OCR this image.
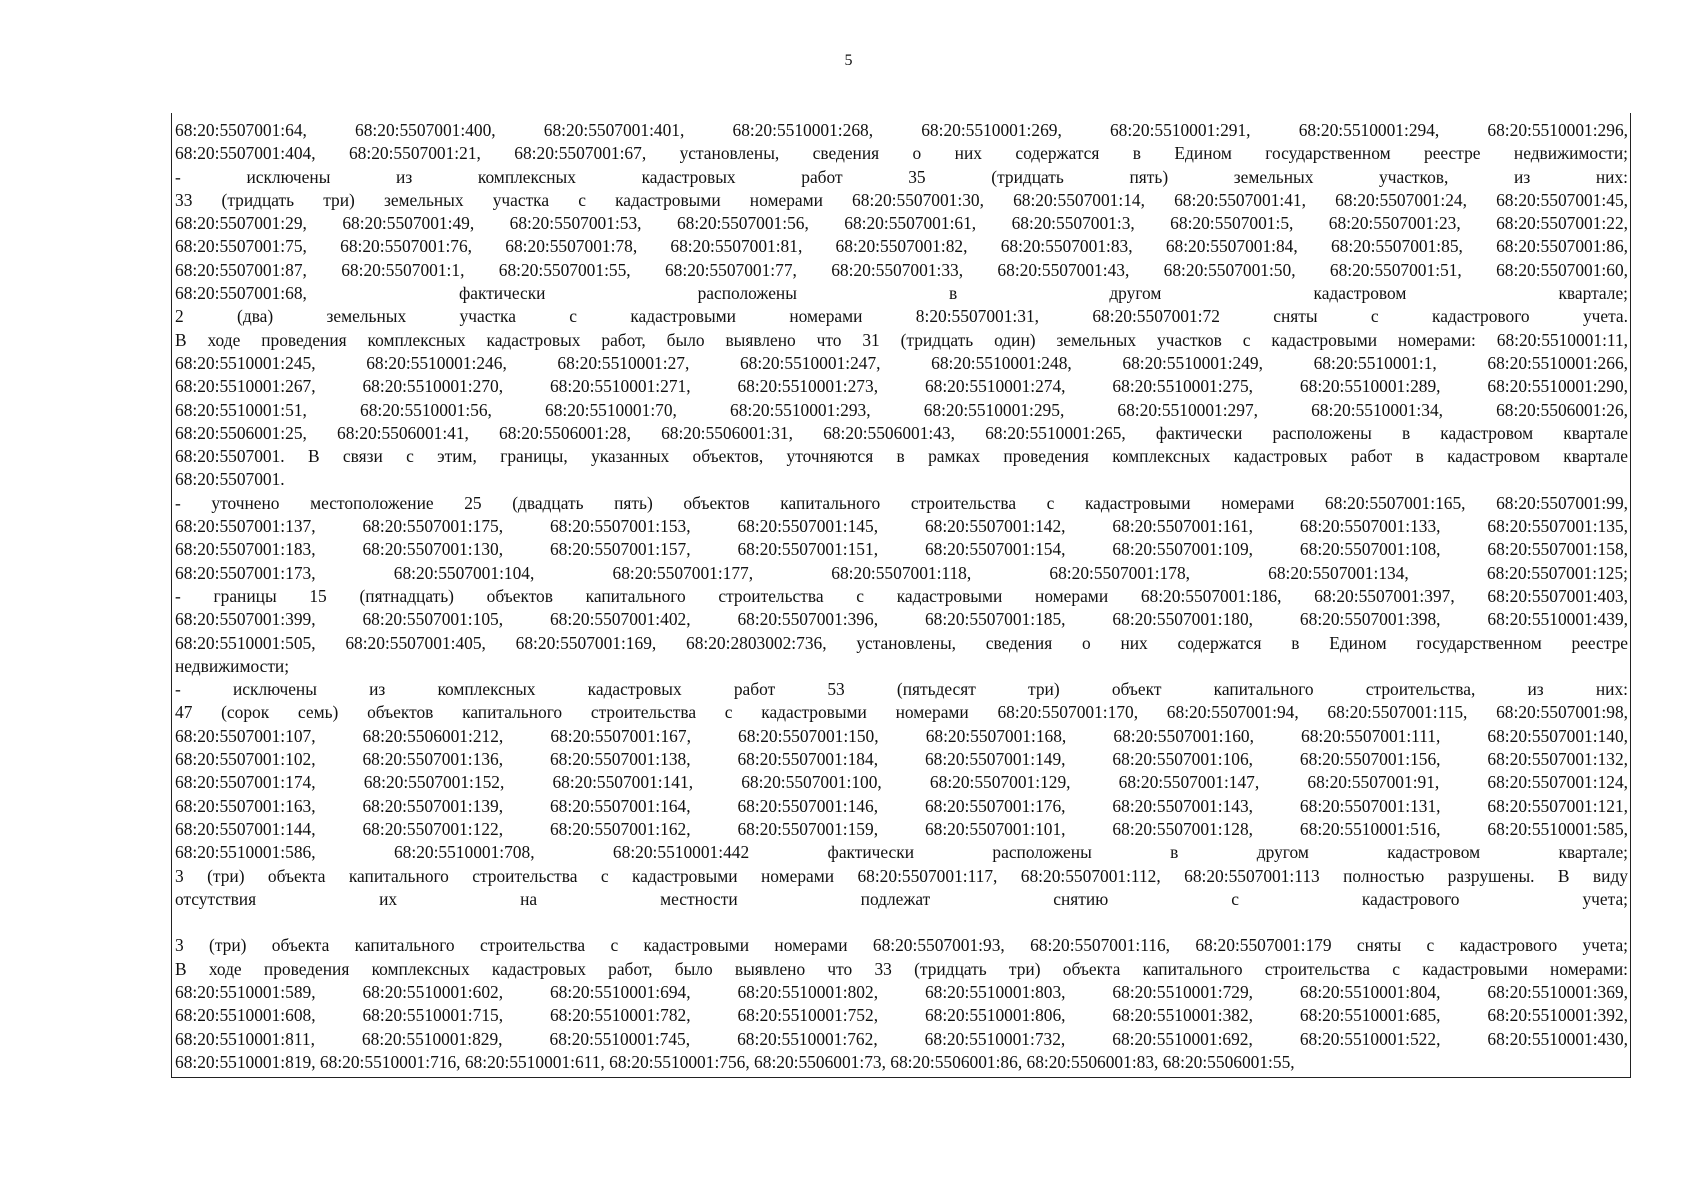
5
68:20:5507001:64, 68:20:5507001:400, 68:20:5507001:401, 68:20:5510001:268, 68:20:5510001:269, 68:20:5510001:291, 68:20:5510001:294, 68:20:5510001:296,
68:20:5507001:404, 68:20:5507001:21, 68:20:5507001:67, установлены, сведения о них содержатся в Едином государственном реестре недвижимости;
- исключены из комплексных кадастровых работ 35 (тридцать пять) земельных участков, из них:
33 (тридцать три) земельных участка с кадастровыми номерами 68:20:5507001:30, 68:20:5507001:14, 68:20:5507001:41, 68:20:5507001:24, 68:20:5507001:45,
68:20:5507001:29, 68:20:5507001:49, 68:20:5507001:53, 68:20:5507001:56, 68:20:5507001:61, 68:20:5507001:3, 68:20:5507001:5, 68:20:5507001:23, 68:20:5507001:22,
68:20:5507001:75, 68:20:5507001:76, 68:20:5507001:78, 68:20:5507001:81, 68:20:5507001:82, 68:20:5507001:83, 68:20:5507001:84, 68:20:5507001:85, 68:20:5507001:86,
68:20:5507001:87, 68:20:5507001:1, 68:20:5507001:55, 68:20:5507001:77, 68:20:5507001:33, 68:20:5507001:43, 68:20:5507001:50, 68:20:5507001:51, 68:20:5507001:60,
68:20:5507001:68, фактически расположены в другом кадастровом квартале;
2 (два) земельных участка с кадастровыми номерами 8:20:5507001:31, 68:20:5507001:72 сняты с кадастрового учета.
В ходе проведения комплексных кадастровых работ, было выявлено что 31 (тридцать один) земельных участков с кадастровыми номерами: 68:20:5510001:11,
68:20:5510001:245, 68:20:5510001:246, 68:20:5510001:27, 68:20:5510001:247, 68:20:5510001:248, 68:20:5510001:249, 68:20:5510001:1, 68:20:5510001:266,
68:20:5510001:267, 68:20:5510001:270, 68:20:5510001:271, 68:20:5510001:273, 68:20:5510001:274, 68:20:5510001:275, 68:20:5510001:289, 68:20:5510001:290,
68:20:5510001:51, 68:20:5510001:56, 68:20:5510001:70, 68:20:5510001:293, 68:20:5510001:295, 68:20:5510001:297, 68:20:5510001:34, 68:20:5506001:26,
68:20:5506001:25, 68:20:5506001:41, 68:20:5506001:28, 68:20:5506001:31, 68:20:5506001:43, 68:20:5510001:265, фактически расположены в кадастровом квартале
68:20:5507001. В связи с этим, границы, указанных объектов, уточняются в рамках проведения комплексных кадастровых работ в кадастровом квартале
68:20:5507001.
- уточнено местоположение 25 (двадцать пять) объектов капитального строительства с кадастровыми номерами 68:20:5507001:165, 68:20:5507001:99,
68:20:5507001:137, 68:20:5507001:175, 68:20:5507001:153, 68:20:5507001:145, 68:20:5507001:142, 68:20:5507001:161, 68:20:5507001:133, 68:20:5507001:135,
68:20:5507001:183, 68:20:5507001:130, 68:20:5507001:157, 68:20:5507001:151, 68:20:5507001:154, 68:20:5507001:109, 68:20:5507001:108, 68:20:5507001:158,
68:20:5507001:173, 68:20:5507001:104, 68:20:5507001:177, 68:20:5507001:118, 68:20:5507001:178, 68:20:5507001:134, 68:20:5507001:125;
- границы 15 (пятнадцать) объектов капитального строительства с кадастровыми номерами 68:20:5507001:186, 68:20:5507001:397, 68:20:5507001:403,
68:20:5507001:399, 68:20:5507001:105, 68:20:5507001:402, 68:20:5507001:396, 68:20:5507001:185, 68:20:5507001:180, 68:20:5507001:398, 68:20:5510001:439,
68:20:5510001:505, 68:20:5507001:405, 68:20:5507001:169, 68:20:2803002:736, установлены, сведения о них содержатся в Едином государственном реестре
недвижимости;
- исключены из комплексных кадастровых работ 53 (пятьдесят три) объект капитального строительства, из них:
47 (сорок семь) объектов капитального строительства с кадастровыми номерами 68:20:5507001:170, 68:20:5507001:94, 68:20:5507001:115, 68:20:5507001:98,
68:20:5507001:107, 68:20:5506001:212, 68:20:5507001:167, 68:20:5507001:150, 68:20:5507001:168, 68:20:5507001:160, 68:20:5507001:111, 68:20:5507001:140,
68:20:5507001:102, 68:20:5507001:136, 68:20:5507001:138, 68:20:5507001:184, 68:20:5507001:149, 68:20:5507001:106, 68:20:5507001:156, 68:20:5507001:132,
68:20:5507001:174, 68:20:5507001:152, 68:20:5507001:141, 68:20:5507001:100, 68:20:5507001:129, 68:20:5507001:147, 68:20:5507001:91, 68:20:5507001:124,
68:20:5507001:163, 68:20:5507001:139, 68:20:5507001:164, 68:20:5507001:146, 68:20:5507001:176, 68:20:5507001:143, 68:20:5507001:131, 68:20:5507001:121,
68:20:5507001:144, 68:20:5507001:122, 68:20:5507001:162, 68:20:5507001:159, 68:20:5507001:101, 68:20:5507001:128, 68:20:5510001:516, 68:20:5510001:585,
68:20:5510001:586, 68:20:5510001:708, 68:20:5510001:442 фактически расположены в другом кадастровом квартале;
3 (три) объекта капитального строительства с кадастровыми номерами 68:20:5507001:117, 68:20:5507001:112, 68:20:5507001:113 полностью разрушены. В виду
отсутствия их на местности подлежат снятию с кадастрового учета;
3 (три) объекта капитального строительства с кадастровыми номерами 68:20:5507001:93, 68:20:5507001:116, 68:20:5507001:179 сняты с кадастрового учета;
В ходе проведения комплексных кадастровых работ, было выявлено что 33 (тридцать три) объекта капитального строительства с кадастровыми номерами:
68:20:5510001:589, 68:20:5510001:602, 68:20:5510001:694, 68:20:5510001:802, 68:20:5510001:803, 68:20:5510001:729, 68:20:5510001:804, 68:20:5510001:369,
68:20:5510001:608, 68:20:5510001:715, 68:20:5510001:782, 68:20:5510001:752, 68:20:5510001:806, 68:20:5510001:382, 68:20:5510001:685, 68:20:5510001:392,
68:20:5510001:811, 68:20:5510001:829, 68:20:5510001:745, 68:20:5510001:762, 68:20:5510001:732, 68:20:5510001:692, 68:20:5510001:522, 68:20:5510001:430,
68:20:5510001:819, 68:20:5510001:716, 68:20:5510001:611, 68:20:5510001:756, 68:20:5506001:73, 68:20:5506001:86, 68:20:5506001:83, 68:20:5506001:55,
